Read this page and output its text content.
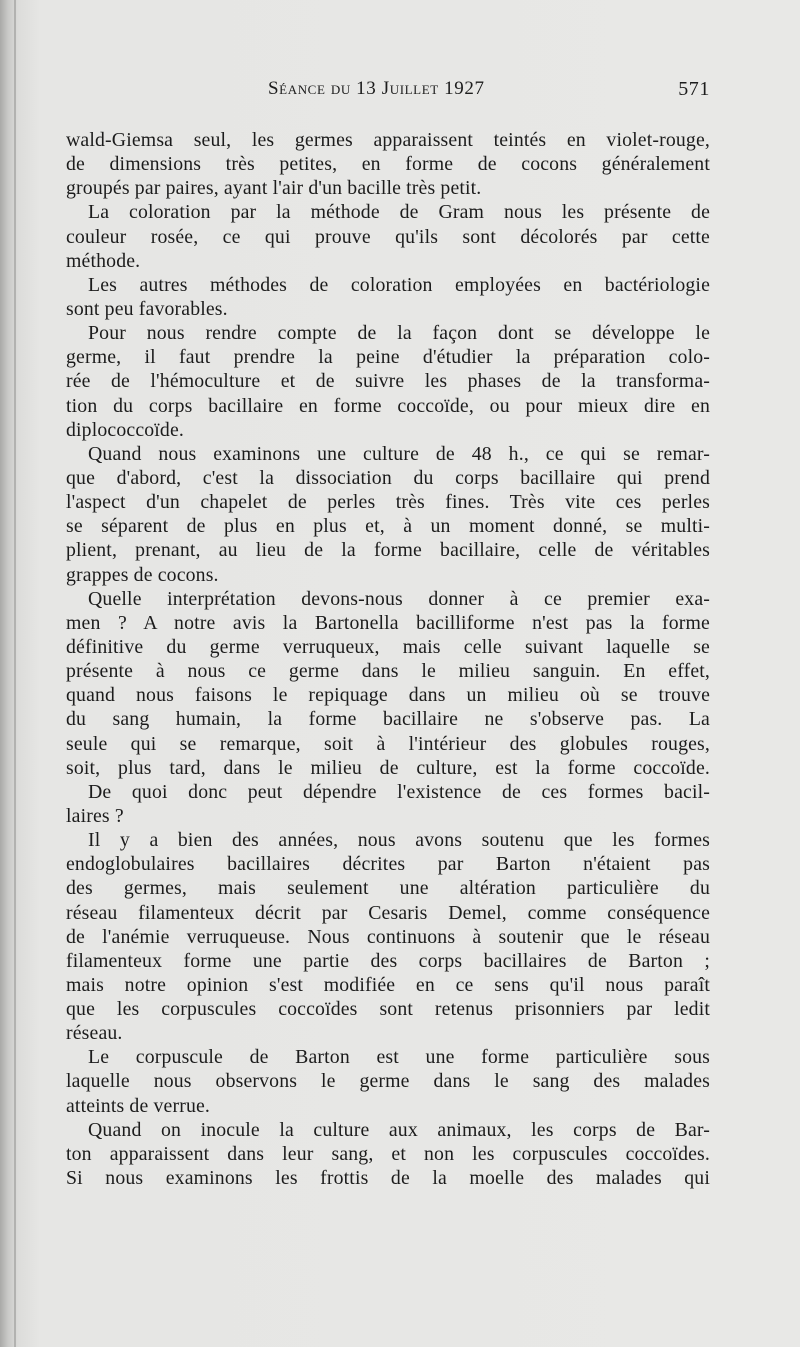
Séance du 13 Juillet 1927	571
wald-Giemsa seul, les germes apparaissent teintés en violet-rouge,
de dimensions très petites, en forme de cocons généralement
groupés par paires, ayant l'air d'un bacille très petit.
La coloration par la méthode de Gram nous les présente de
couleur rosée, ce qui prouve qu'ils sont décolorés par cette
méthode.
Les autres méthodes de coloration employées en bactériologie
sont peu favorables.
Pour nous rendre compte de la façon dont se développe le
germe, il faut prendre la peine d'étudier la préparation colo-
rée de l'hémoculture et de suivre les phases de la transforma-
tion du corps bacillaire en forme coccoïde, ou pour mieux dire en
diplococcoïde.
Quand nous examinons une culture de 48 h., ce qui se remar-
que d'abord, c'est la dissociation du corps bacillaire qui prend
l'aspect d'un chapelet de perles très fines. Très vite ces perles
se séparent de plus en plus et, à un moment donné, se multi-
plient, prenant, au lieu de la forme bacillaire, celle de véritables
grappes de cocons.
Quelle interprétation devons-nous donner à ce premier exa-
men ? A notre avis la Bartonella bacilliforme n'est pas la forme
définitive du germe verruqueux, mais celle suivant laquelle se
présente à nous ce germe dans le milieu sanguin. En effet,
quand nous faisons le repiquage dans un milieu où se trouve
du sang humain, la forme bacillaire ne s'observe pas. La
seule qui se remarque, soit à l'intérieur des globules rouges,
soit, plus tard, dans le milieu de culture, est la forme coccoïde.
De quoi donc peut dépendre l'existence de ces formes bacil-
laires ?
Il y a bien des années, nous avons soutenu que les formes
endoglobulaires bacillaires décrites par Barton n'étaient pas
des germes, mais seulement une altération particulière du
réseau filamenteux décrit par Cesaris Demel, comme conséquence
de l'anémie verruqueuse. Nous continuons à soutenir que le réseau
filamenteux forme une partie des corps bacillaires de Barton ;
mais notre opinion s'est modifiée en ce sens qu'il nous paraît
que les corpuscules coccoïdes sont retenus prisonniers par ledit
réseau.
Le corpuscule de Barton est une forme particulière sous
laquelle nous observons le germe dans le sang des malades
atteints de verrue.
Quand on inocule la culture aux animaux, les corps de Bar-
ton apparaissent dans leur sang, et non les corpuscules coccoïdes.
Si nous examinons les frottis de la moelle des malades qui
